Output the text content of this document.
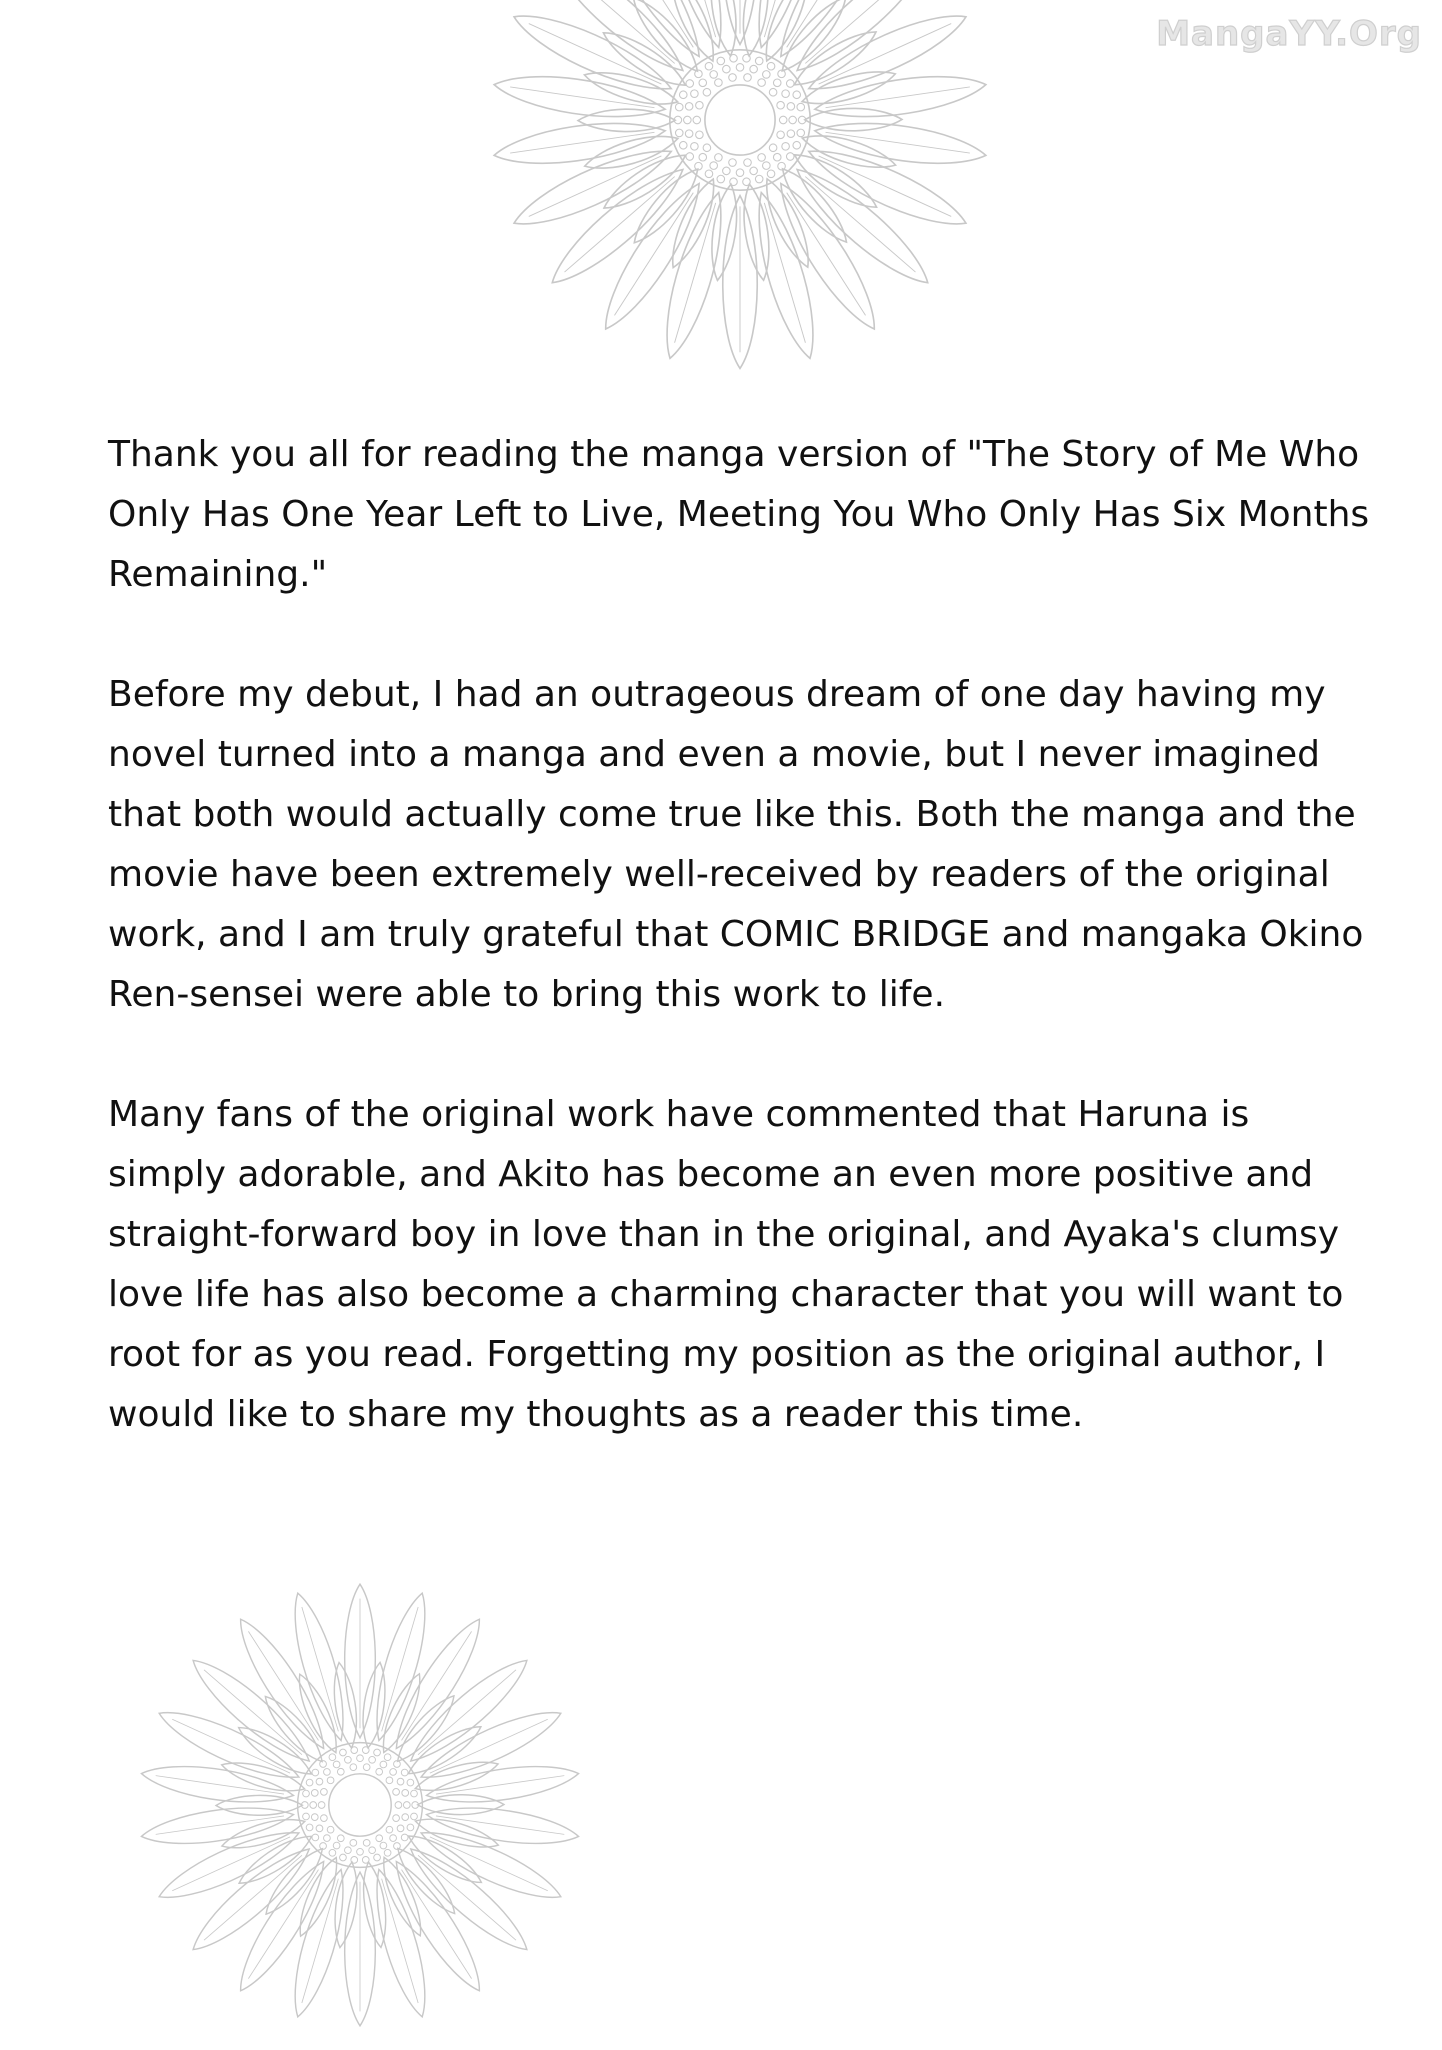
MangaYY.Org

Thank you all for reading the manga version of "The Story of Me Who Only Has One Year Left to Live, Meeting You Who Only Has Six Months Remaining."

Before my debut, I had an outrageous dream of one day having my novel turned into a manga and even a movie, but I never imagined that both would actually come true like this. Both the manga and the movie have been extremely well-received by readers of the original work, and I am truly grateful that COMIC BRIDGE and mangaka Okino Ren-sensei were able to bring this work to life.

Many fans of the original work have commented that Haruna is simply adorable, and Akito has become an even more positive and straight-forward boy in love than in the original, and Ayaka's clumsy love life has also become a charming character that you will want to root for as you read. Forgetting my position as the original author, I would like to share my thoughts as a reader this time.
